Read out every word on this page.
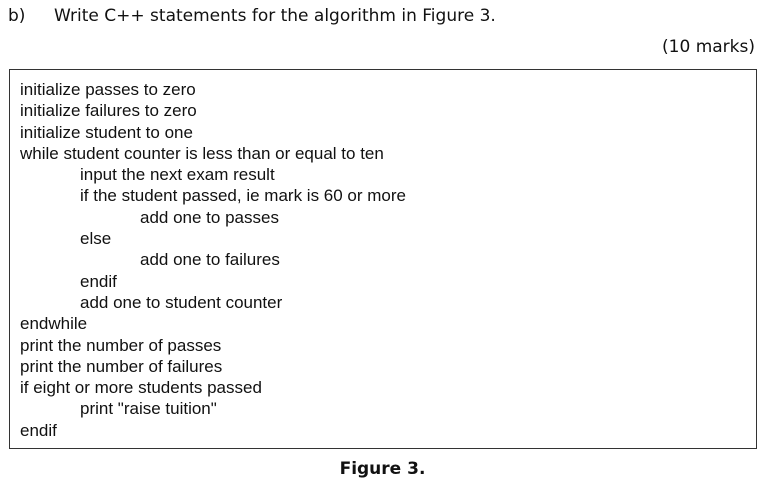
b) Write C++ statements for the algorithm in Figure 3.
(10 marks)
initialize passes to zero
initialize failures to zero
initialize student to one
while student counter is less than or equal to ten
input the next exam result
if the student passed, ie mark is 60 or more
add one to passes
else
add one to failures
endif
add one to student counter
endwhile
print the number of passes
print the number of failures
if eight or more students passed
print "raise tuition"
endif
Figure 3.
